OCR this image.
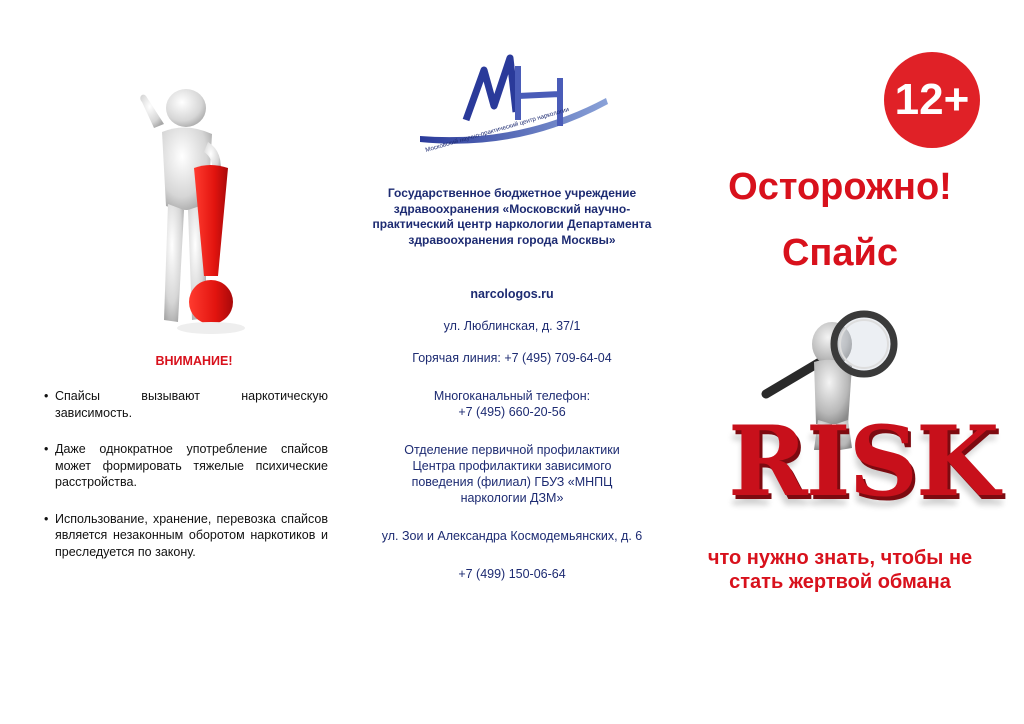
ВНИМАНИЕ!
• Спайсы вызывают наркотическую зависимость.
• Даже однократное употребление спайсов может формировать тяжелые психические расстройства.
• Использование, хранение, перевозка спайсов является незаконным оборотом наркотиков и преследуется по закону.
Московский научно-практический центр наркологии
Государственное бюджетное учреждение здравоохранения «Московский научно-практический центр наркологии Департамента здравоохранения города Москвы»
narcologos.ru
ул. Люблинская, д. 37/1
Горячая линия: +7 (495) 709-64-04
Многоканальный телефон:
+7 (495) 660-20-56
Отделение первичной профилактики Центра профилактики зависимого поведения (филиал) ГБУЗ «МНПЦ наркологии ДЗМ»
ул. Зои и Александра Космодемьянских, д. 6
+7 (499) 150-06-64
12+
Осторожно!
Спайс
RISK
что нужно знать, чтобы не стать жертвой обмана
